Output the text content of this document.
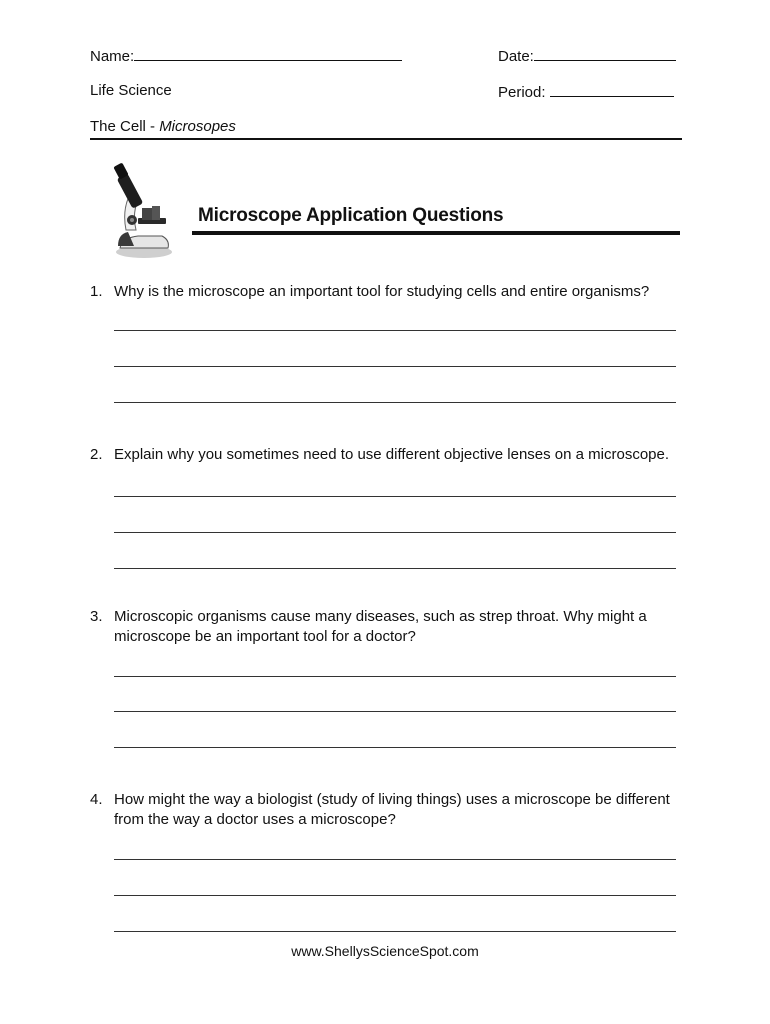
Name:	Date:
Life Science	Period:
The Cell - Microsopes
Microscope Application Questions
1. Why is the microscope an important tool for studying cells and entire organisms?
2. Explain why you sometimes need to use different objective lenses on a microscope.
3. Microscopic organisms cause many diseases, such as strep throat. Why might a
microscope be an important tool for a doctor?
4. How might the way a biologist (study of living things) uses a microscope be different
from the way a doctor uses a microscope?
www.ShellysScienceSpot.com
